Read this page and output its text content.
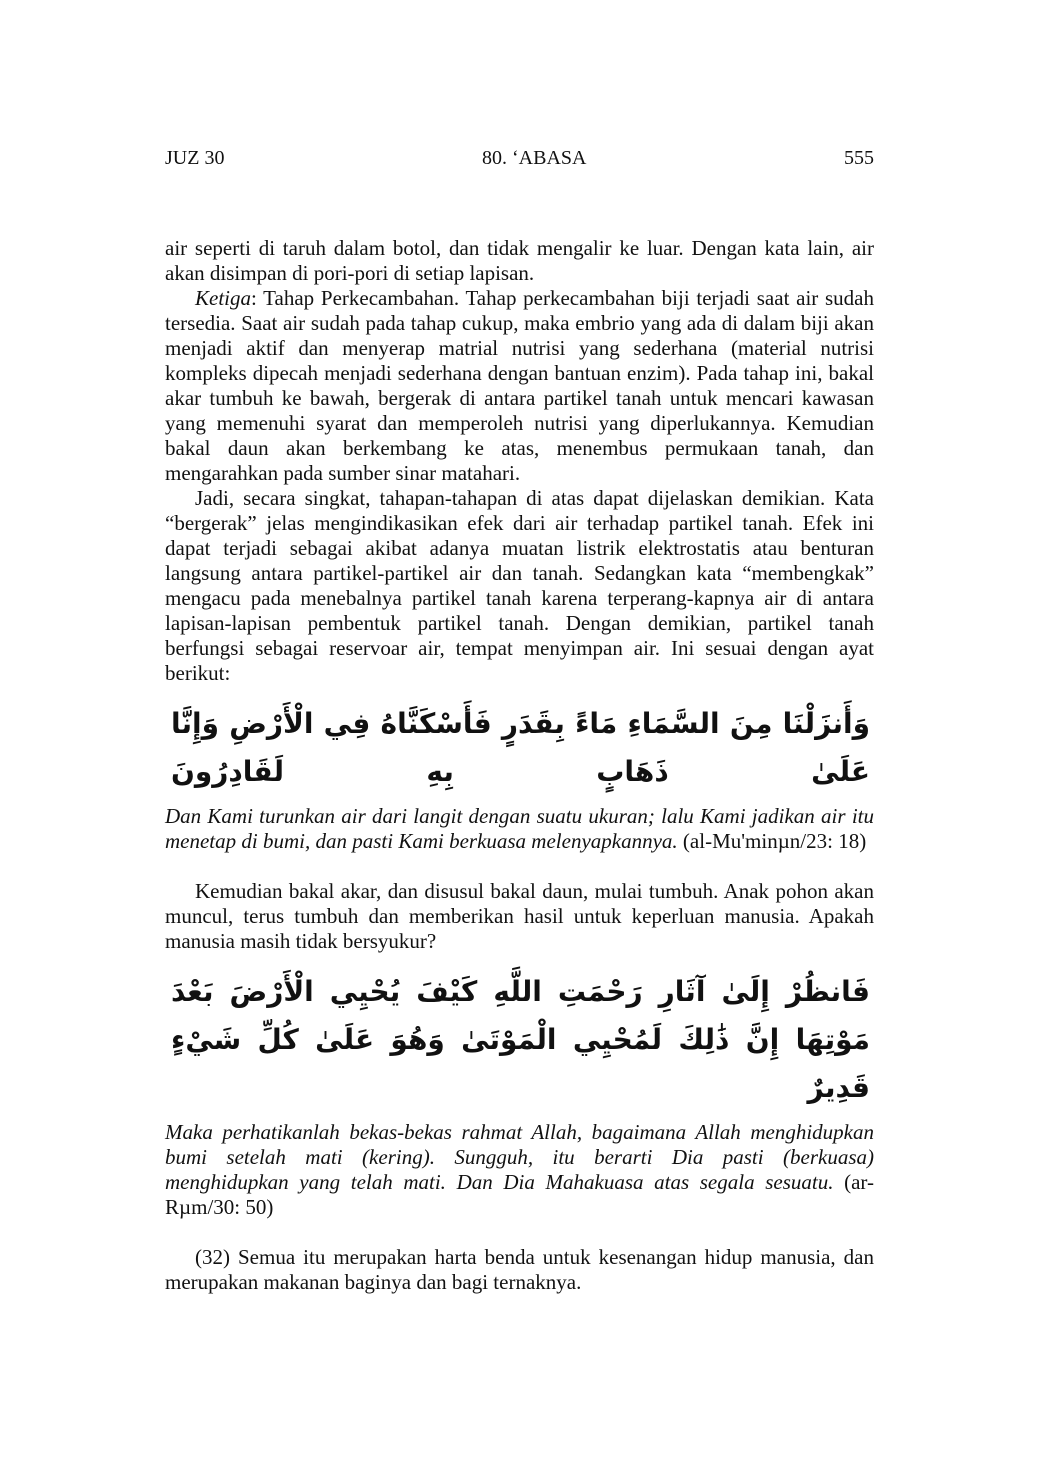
JUZ 30	80. ‘ABASA	555

air seperti di taruh dalam botol, dan tidak mengalir ke luar. Dengan kata lain, air akan disimpan di pori-pori di setiap lapisan.

Ketiga: Tahap Perkecambahan. Tahap perkecambahan biji terjadi saat air sudah tersedia. Saat air sudah pada tahap cukup, maka embrio yang ada di dalam biji akan menjadi aktif dan menyerap matrial nutrisi yang sederhana (material nutrisi kompleks dipecah menjadi sederhana dengan bantuan enzim). Pada tahap ini, bakal akar tumbuh ke bawah, bergerak di antara partikel tanah untuk mencari kawasan yang memenuhi syarat dan memperoleh nutrisi yang diperlukannya. Kemudian bakal daun akan berkembang ke atas, menembus permukaan tanah, dan mengarahkan pada sumber sinar matahari.

Jadi, secara singkat, tahapan-tahapan di atas dapat dijelaskan demikian. Kata “bergerak” jelas mengindikasikan efek dari air terhadap partikel tanah. Efek ini dapat terjadi sebagai akibat adanya muatan listrik elektrostatis atau benturan langsung antara partikel-partikel air dan tanah. Sedangkan kata “membengkak” mengacu pada menebalnya partikel tanah karena terperang-kapnya air di antara lapisan-lapisan pembentuk partikel tanah. Dengan demikian, partikel tanah berfungsi sebagai reservoar air, tempat menyimpan air. Ini sesuai dengan ayat berikut:

وَأَنزَلْنَا مِنَ السَّمَاءِ مَاءً بِقَدَرٍ فَأَسْكَنَّاهُ فِي الْأَرْضِ وَإِنَّا عَلَىٰ ذَهَابٍ بِهِ لَقَادِرُونَ

Dan Kami turunkan air dari langit dengan suatu ukuran; lalu Kami jadikan air itu menetap di bumi, dan pasti Kami berkuasa melenyapkannya. (al-Mu'minµn/23: 18)

Kemudian bakal akar, dan disusul bakal daun, mulai tumbuh. Anak pohon akan muncul, terus tumbuh dan memberikan hasil untuk keperluan manusia. Apakah manusia masih tidak bersyukur?

فَانظُرْ إِلَىٰ آثَارِ رَحْمَتِ اللَّهِ كَيْفَ يُحْيِي الْأَرْضَ بَعْدَ مَوْتِهَا إِنَّ ذَٰلِكَ لَمُحْيِي الْمَوْتَىٰ وَهُوَ عَلَىٰ كُلِّ شَيْءٍ قَدِيرٌ

Maka perhatikanlah bekas-bekas rahmat Allah, bagaimana Allah menghidupkan bumi setelah mati (kering). Sungguh, itu berarti Dia pasti (berkuasa) menghidupkan yang telah mati. Dan Dia Mahakuasa atas segala sesuatu. (ar-Rµm/30: 50)

(32) Semua itu merupakan harta benda untuk kesenangan hidup manusia, dan merupakan makanan baginya dan bagi ternaknya.
